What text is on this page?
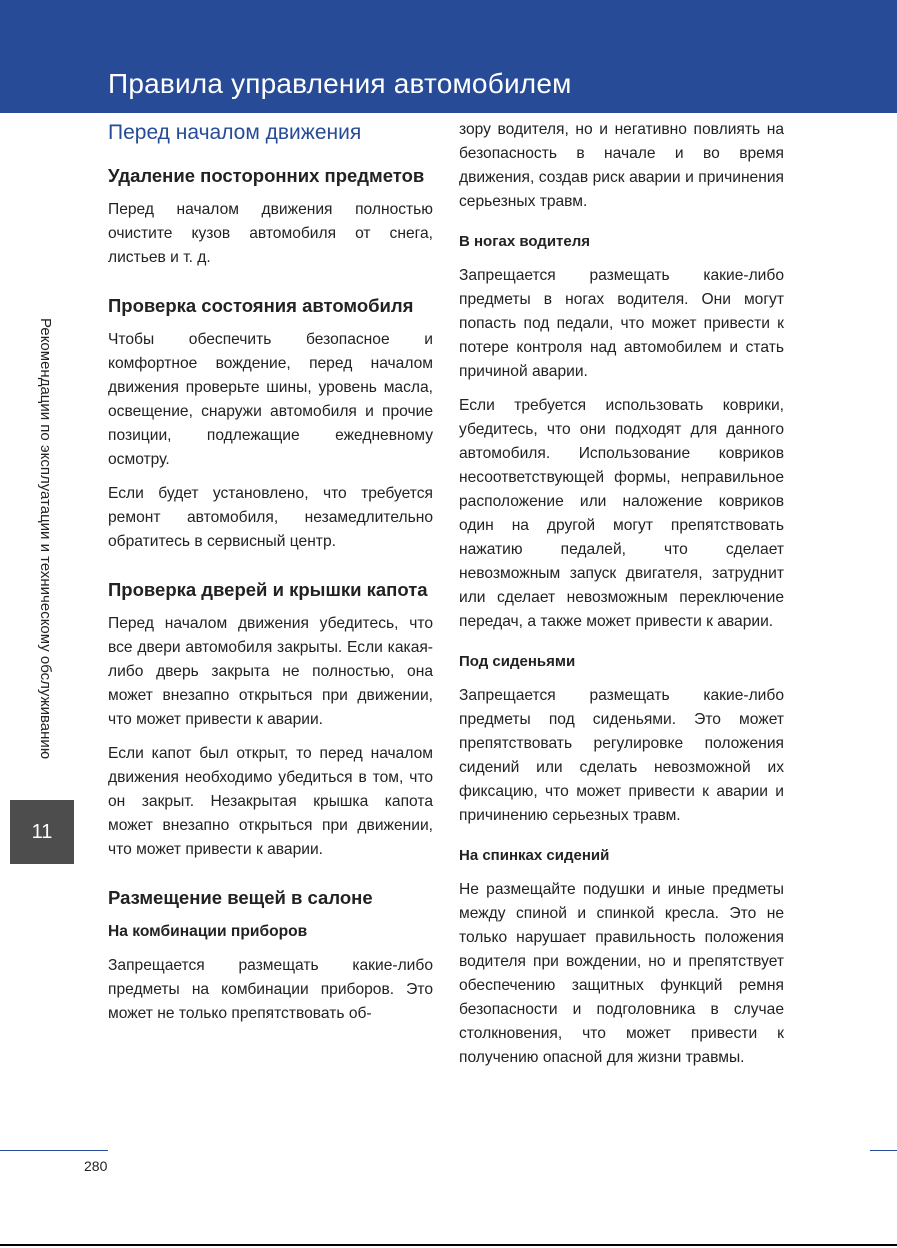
Правила управления автомобилем
Рекомендации по эксплуатации и техническому обслуживанию
11
Перед началом движения
Удаление посторонних предметов

Перед началом движения полностью очистите кузов автомобиля от снега, листьев и т. д.

Проверка состояния автомобиля

Чтобы обеспечить безопасное и комфортное вождение, перед началом движения проверьте шины, уровень масла, освещение, снаружи автомобиля и прочие позиции, подлежащие ежедневному осмотру.

Если будет установлено, что требуется ремонт автомобиля, незамедлительно обратитесь в сервисный центр.

Проверка дверей и крышки капота

Перед началом движения убедитесь, что все двери автомобиля закрыты. Если какая-либо дверь закрыта не полностью, она может внезапно открыться при движении, что может привести к аварии.

Если капот был открыт, то перед началом движения необходимо убедиться в том, что он закрыт. Незакрытая крышка капота может внезапно открыться при движении, что может привести к аварии.

Размещение вещей в салоне
На комбинации приборов

Запрещается размещать какие-либо предметы на комбинации приборов. Это может не только препятствовать об-

зору водителя, но и негативно повлиять на безопасность в начале и во время движения, создав риск аварии и причинения серьезных травм.

В ногах водителя

Запрещается размещать какие-либо предметы в ногах водителя. Они могут попасть под педали, что может привести к потере контроля над автомобилем и стать причиной аварии.

Если требуется использовать коврики, убедитесь, что они подходят для данного автомобиля. Использование ковриков несоответствующей формы, неправильное расположение или наложение ковриков один на другой могут препятствовать нажатию педалей, что сделает невозможным запуск двигателя, затруднит или сделает невозможным переключение передач, а также может привести к аварии.

Под сиденьями

Запрещается размещать какие-либо предметы под сиденьями. Это может препятствовать регулировке положения сидений или сделать невозможной их фиксацию, что может привести к аварии и причинению серьезных травм.

На спинках сидений

Не размещайте подушки и иные предметы между спиной и спинкой кресла. Это не только нарушает правильность положения водителя при вождении, но и препятствует обеспечению защитных функций ремня безопасности и подголовника в случае столкновения, что может привести к получению опасной для жизни травмы.

280
